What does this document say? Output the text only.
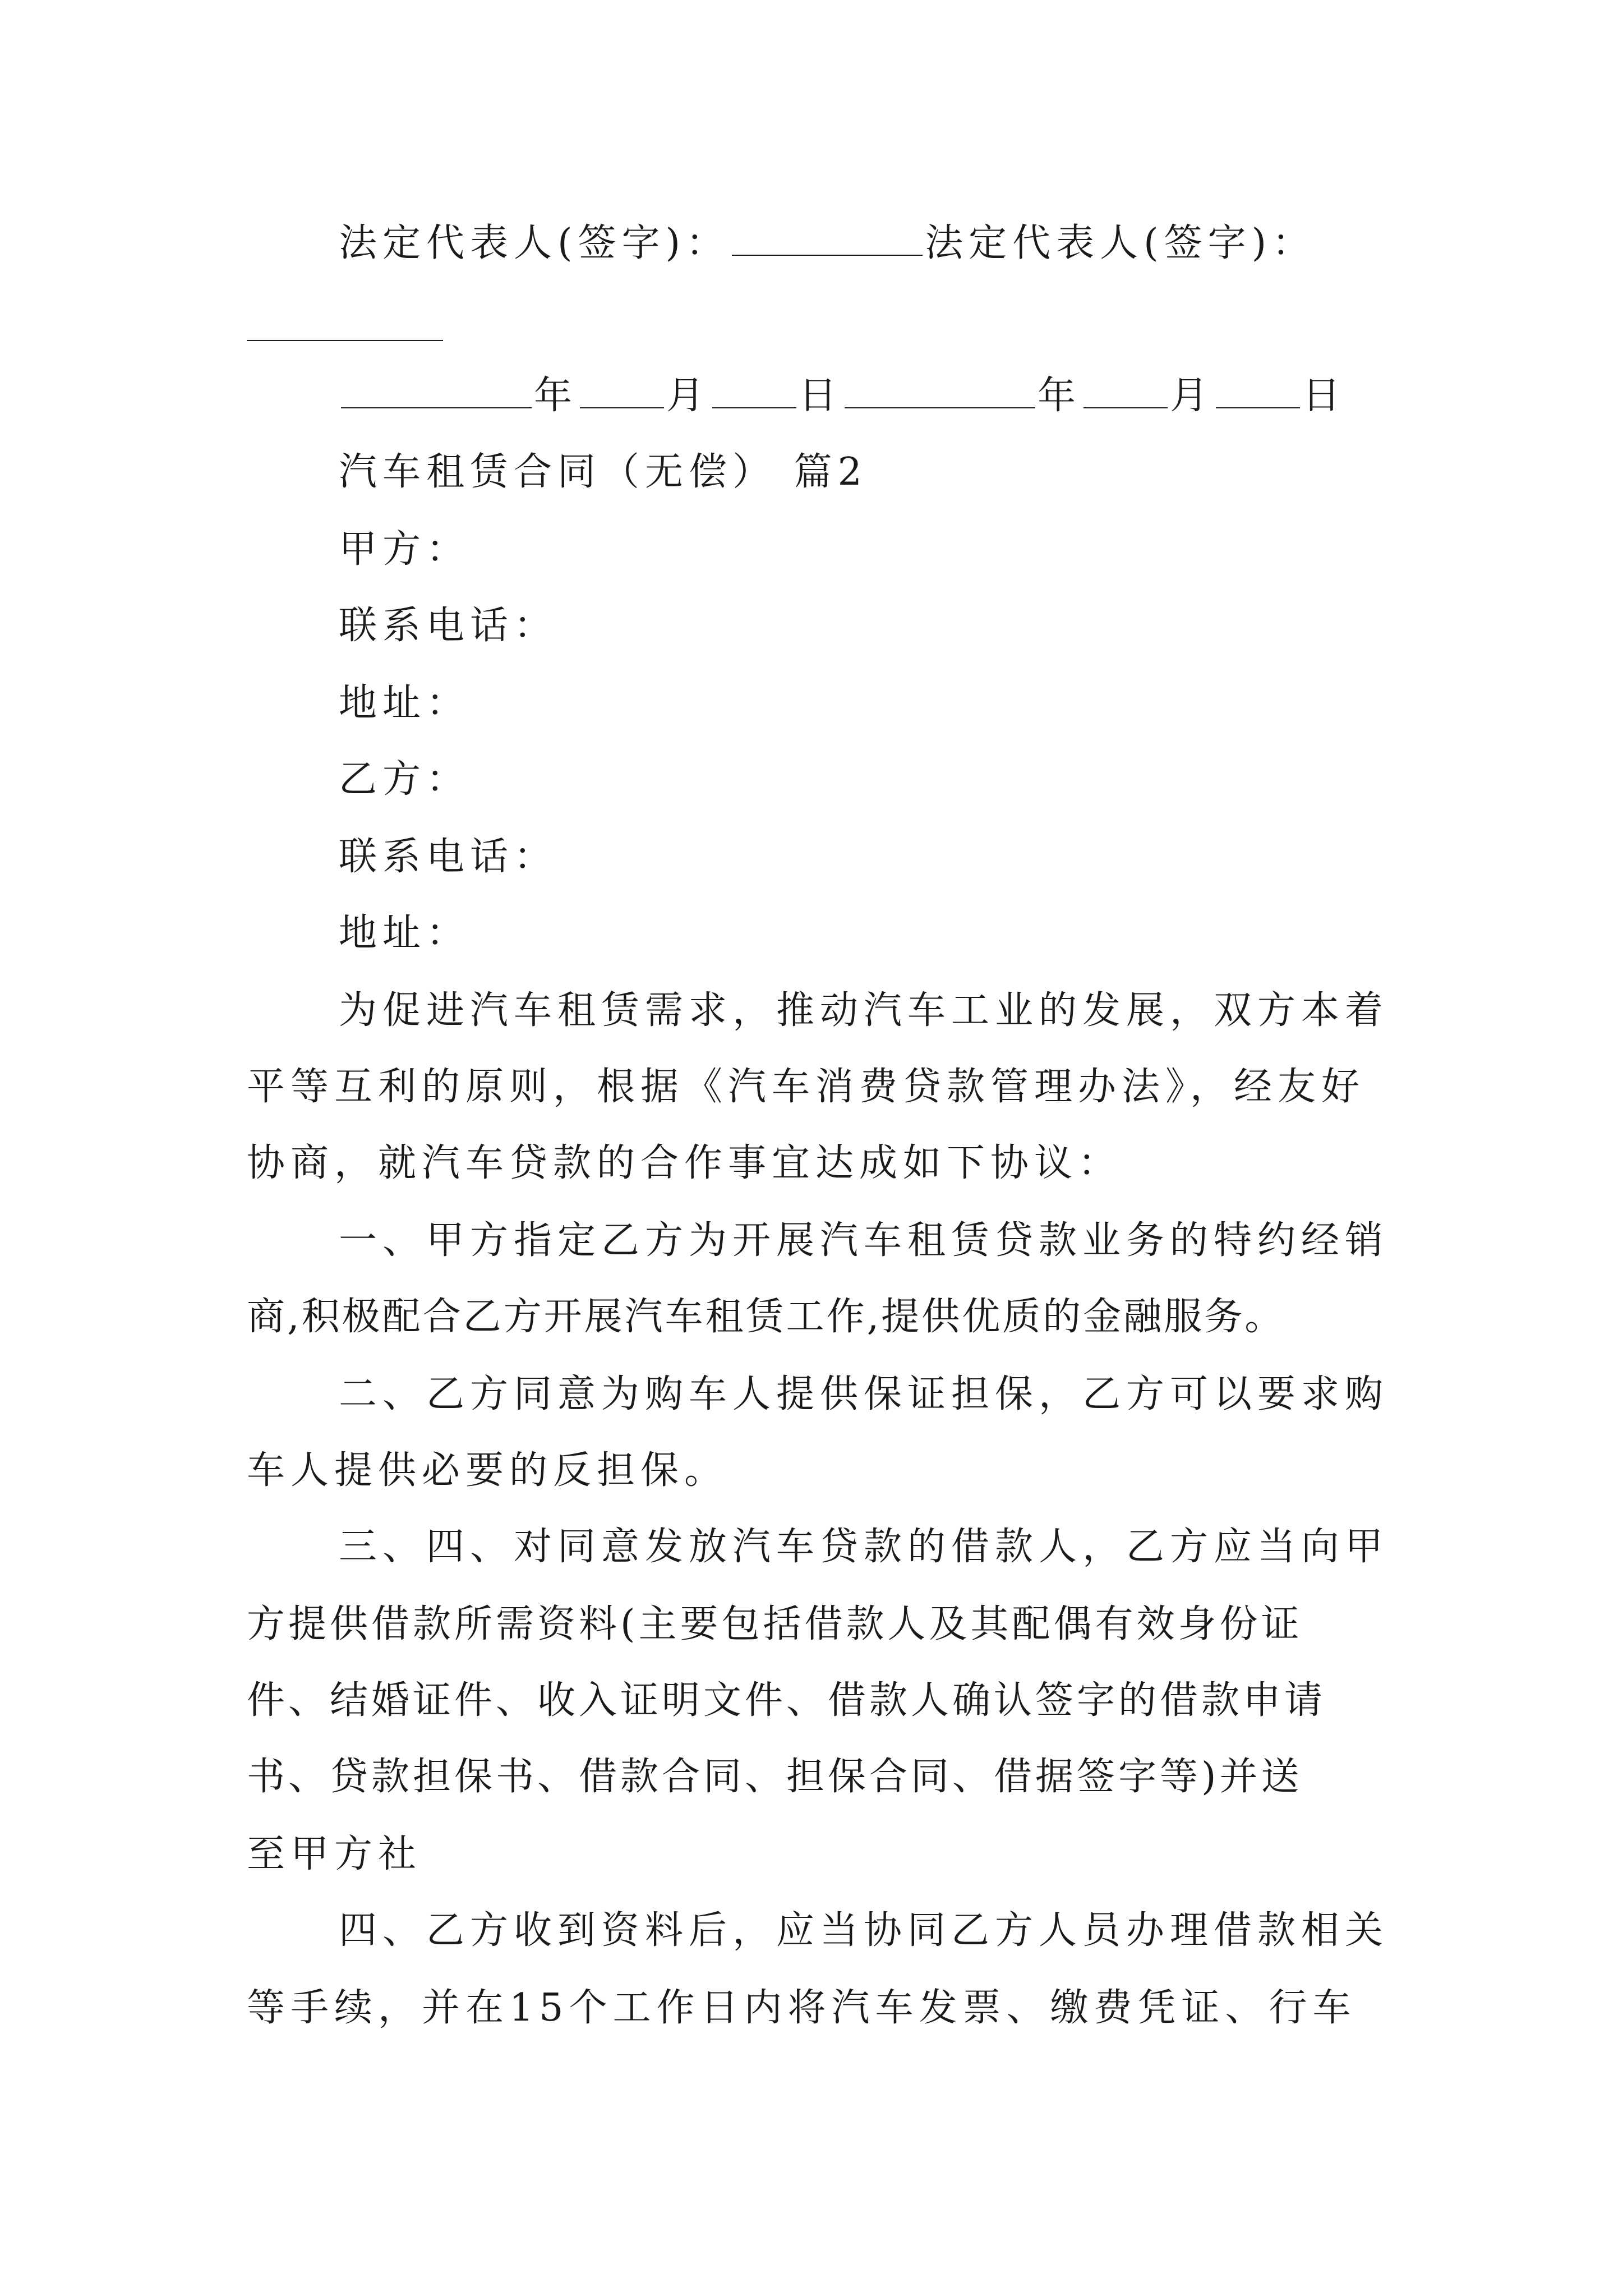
法定代表人(签字)：	法定代表人(签字)：
年 月 日	年 月 日
汽车租赁合同（无偿） 篇2
甲方：
联系电话：
地址：
乙方：
联系电话：
地址：
为促进汽车租赁需求，推动汽车工业的发展，双方本着
平等互利的原则，根据《汽车消费贷款管理办法》，经友好
协商，就汽车贷款的合作事宜达成如下协议：
一、甲方指定乙方为开展汽车租赁贷款业务的特约经销
商,积极配合乙方开展汽车租赁工作,提供优质的金融服务。
二、乙方同意为购车人提供保证担保，乙方可以要求购
车人提供必要的反担保。
三、四、对同意发放汽车贷款的借款人，乙方应当向甲
方提供借款所需资料(主要包括借款人及其配偶有效身份证
件、结婚证件、收入证明文件、借款人确认签字的借款申请
书、贷款担保书、借款合同、担保合同、借据签字等)并送
至甲方社
四、乙方收到资料后，应当协同乙方人员办理借款相关
等手续，并在15个工作日内将汽车发票、缴费凭证、行车
